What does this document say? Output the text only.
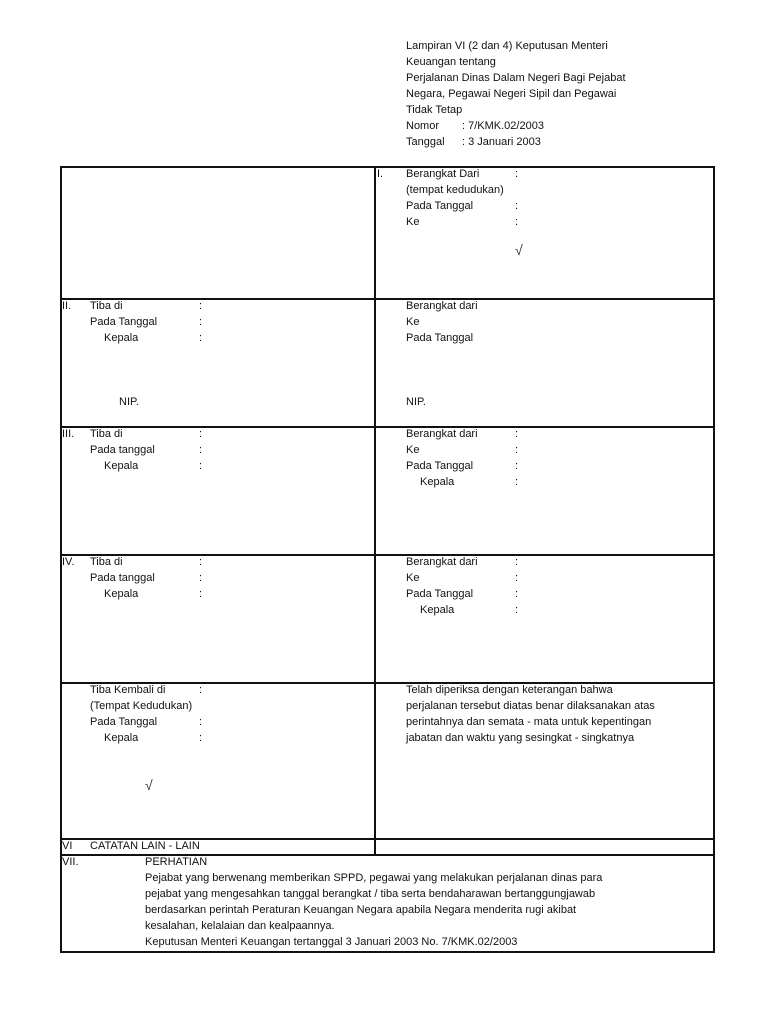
Lampiran VI (2 dan 4) Keputusan Menteri
Keuangan tentang
Perjalanan Dinas Dalam Negeri Bagi Pejabat
Negara, Pegawai Negeri Sipil dan Pegawai
Tidak Tetap
Nomor : 7/KMK.02/2003
Tanggal : 3 Januari 2003
I. Berangkat Dari	:
(tempat kedudukan)
Pada Tanggal	:
Ke	:
√
II. Tiba di	:
Pada Tanggal	:
Kepala	:
NIP.
Berangkat dari
Ke
Pada Tanggal
NIP.
III. Tiba di	:
Pada tanggal	:
Kepala	:
Berangkat dari	:
Ke	:
Pada Tanggal	:
Kepala	:
IV. Tiba di	:
Pada tanggal	:
Kepala	:
Berangkat dari	:
Ke	:
Pada Tanggal	:
Kepala	:
Tiba Kembali di	:
(Tempat Kedudukan)
Pada Tanggal	:
Kepala	:
√
Telah diperiksa dengan keterangan bahwa
perjalanan tersebut diatas benar dilaksanakan atas
perintahnya dan semata - mata untuk kepentingan
jabatan dan waktu yang sesingkat - singkatnya
VI CATATAN LAIN - LAIN
VII.	PERHATIAN
Pejabat yang berwenang memberikan SPPD, pegawai yang melakukan perjalanan dinas para
pejabat yang mengesahkan tanggal berangkat / tiba serta bendaharawan bertanggungjawab
berdasarkan perintah Peraturan Keuangan Negara apabila Negara menderita rugi akibat
kesalahan, kelalaian dan kealpaannya.
Keputusan Menteri Keuangan tertanggal 3 Januari 2003 No. 7/KMK.02/2003
